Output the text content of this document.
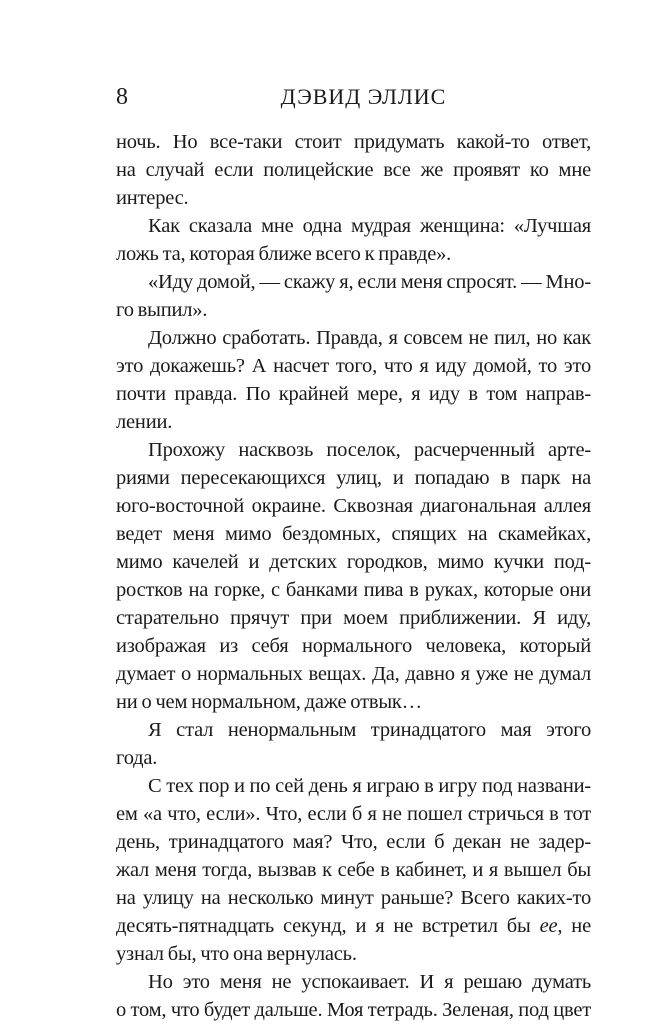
8	ДЭВИД ЭЛЛИС
ночь. Но все-таки стоит придумать какой-то ответ,
на случай если полицейские все же проявят ко мне
интерес.
Как сказала мне одна мудрая женщина: «Лучшая
ложь та, которая ближе всего к правде».
«Иду домой, — скажу я, если меня спросят. — Мно-
го выпил».
Должно сработать. Правда, я совсем не пил, но как
это докажешь? А насчет того, что я иду домой, то это
почти правда. По крайней мере, я иду в том направ-
лении.
Прохожу насквозь поселок, расчерченный арте-
риями пересекающихся улиц, и попадаю в парк на
юго-восточной окраине. Сквозная диагональная аллея
ведет меня мимо бездомных, спящих на скамейках,
мимо качелей и детских городков, мимо кучки под-
ростков на горке, с банками пива в руках, которые они
старательно прячут при моем приближении. Я иду,
изображая из себя нормального человека, который
думает о нормальных вещах. Да, давно я уже не думал
ни о чем нормальном, даже отвык…
Я стал ненормальным тринадцатого мая этого
года.
С тех пор и по сей день я играю в игру под названи-
ем «а что, если». Что, если б я не пошел стричься в тот
день, тринадцатого мая? Что, если б декан не задер-
жал меня тогда, вызвав к себе в кабинет, и я вышел бы
на улицу на несколько минут раньше? Всего каких-то
десять-пятнадцать секунд, и я не встретил бы ее, не
узнал бы, что она вернулась.
Но это меня не успокаивает. И я решаю думать
о том, что будет дальше. Моя тетрадь. Зеленая, под цвет
